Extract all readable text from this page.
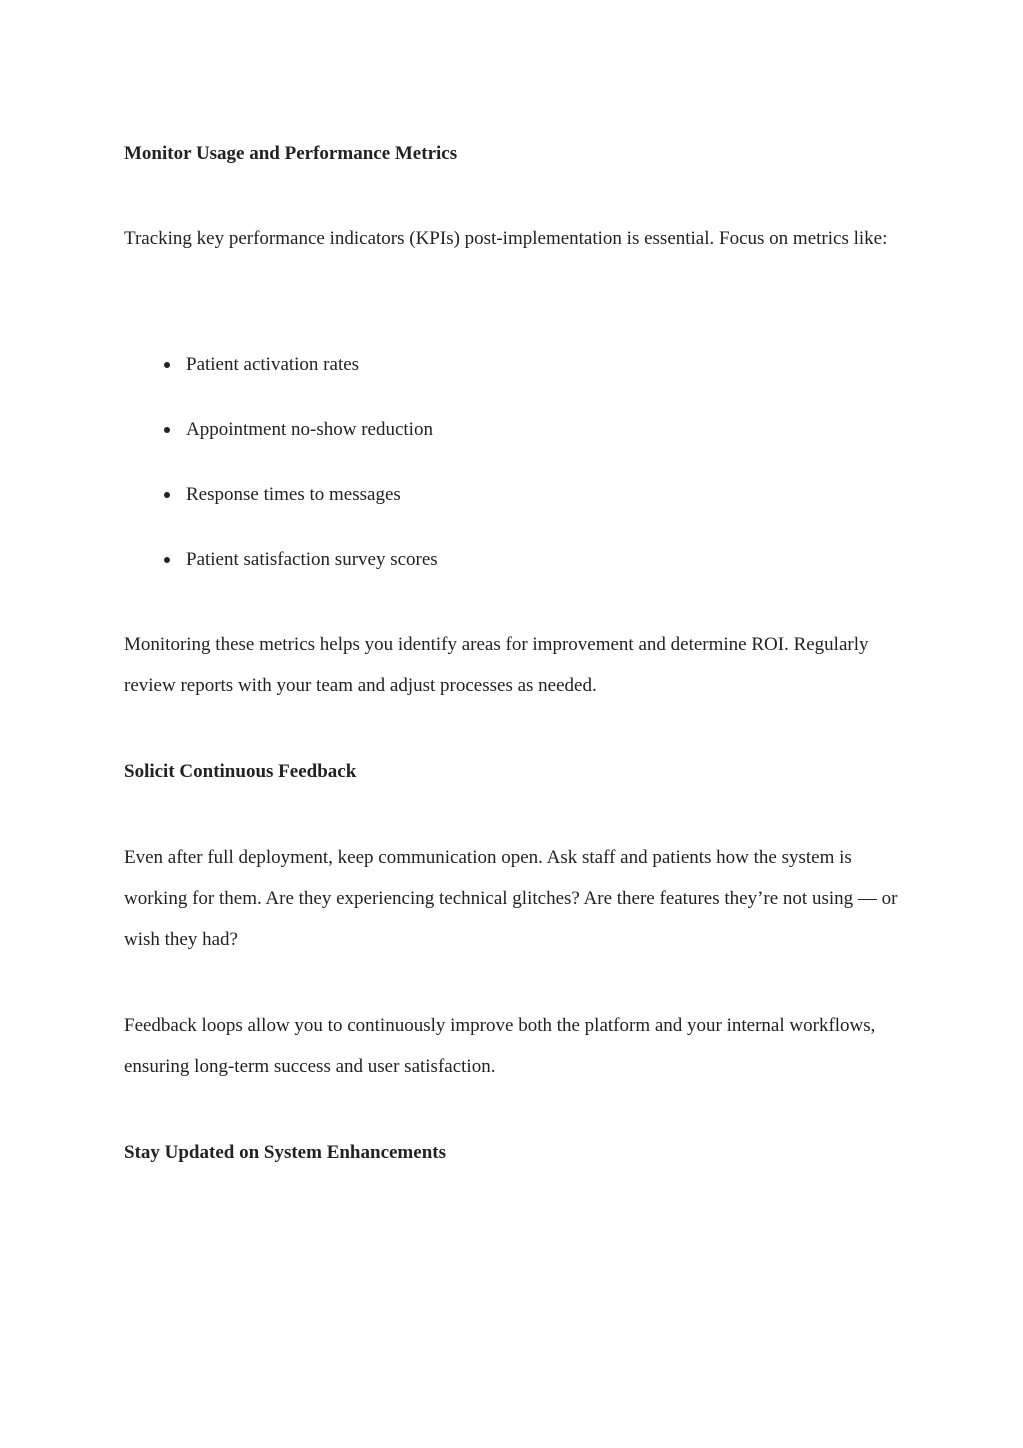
Monitor Usage and Performance Metrics

Tracking key performance indicators (KPIs) post-implementation is essential. Focus on metrics like:

Patient activation rates
Appointment no-show reduction
Response times to messages
Patient satisfaction survey scores

Monitoring these metrics helps you identify areas for improvement and determine ROI. Regularly review reports with your team and adjust processes as needed.

Solicit Continuous Feedback

Even after full deployment, keep communication open. Ask staff and patients how the system is working for them. Are they experiencing technical glitches? Are there features they’re not using — or wish they had?

Feedback loops allow you to continuously improve both the platform and your internal workflows, ensuring long-term success and user satisfaction.

Stay Updated on System Enhancements
